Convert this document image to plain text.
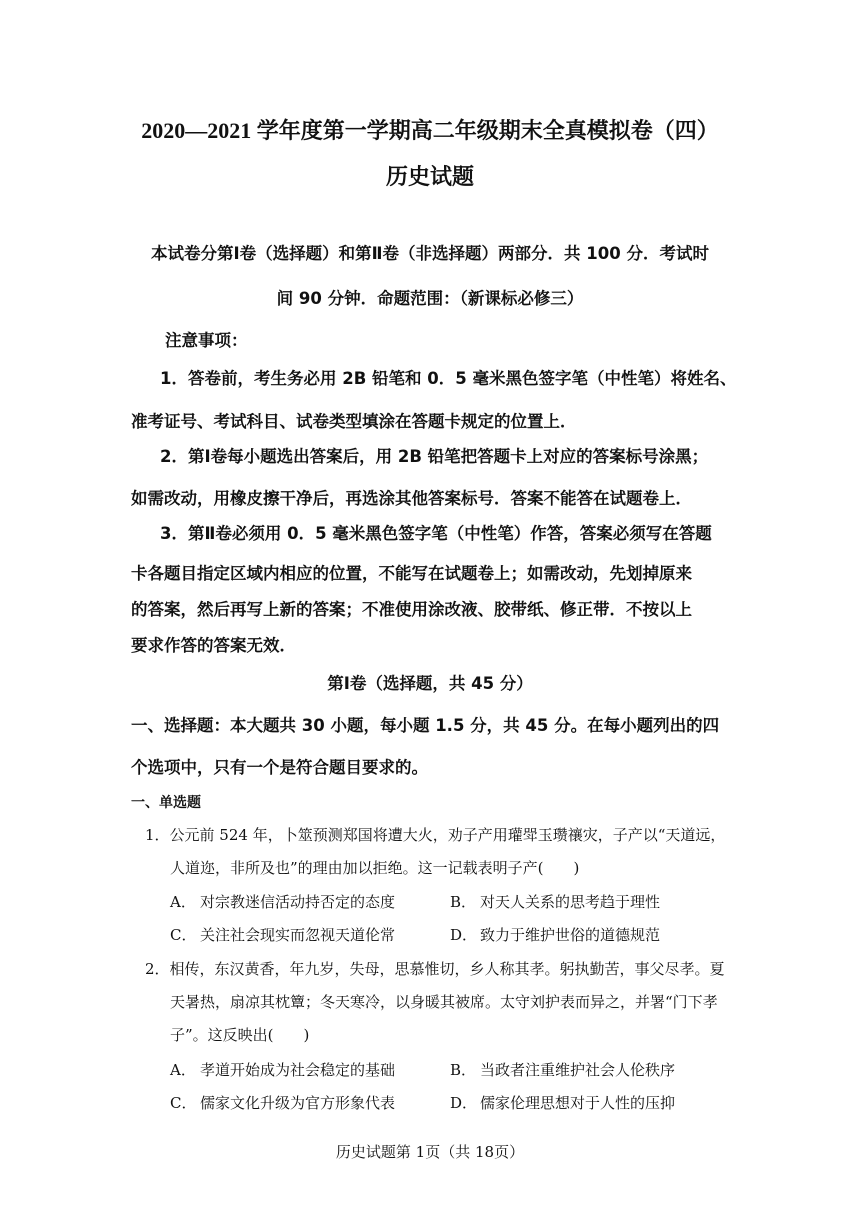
2020—2021 学年度第一学期高二年级期末全真模拟卷（四）
历史试题
本试卷分第Ⅰ卷（选择题）和第Ⅱ卷（非选择题）两部分．共 100 分．考试时
间 90 分钟．命题范围：（新课标必修三）
注意事项：
1．答卷前，考生务必用 2B 铅笔和 0．5 毫米黑色签字笔（中性笔）将姓名、
准考证号、考试科目、试卷类型填涂在答题卡规定的位置上．
2．第Ⅰ卷每小题选出答案后，用 2B 铅笔把答题卡上对应的答案标号涂黑；
如需改动，用橡皮擦干净后，再选涂其他答案标号．答案不能答在试题卷上．
3．第Ⅱ卷必须用 0．5 毫米黑色签字笔（中性笔）作答，答案必须写在答题
卡各题目指定区域内相应的位置，不能写在试题卷上；如需改动，先划掉原来
的答案，然后再写上新的答案；不准使用涂改液、胶带纸、修正带．不按以上
要求作答的答案无效．
第Ⅰ卷（选择题，共 45 分）
一、选择题：本大题共 30 小题，每小题 1.5 分，共 45 分。在每小题列出的四
个选项中，只有一个是符合题目要求的。
一、单选题
1．公元前 524 年，卜筮预测郑国将遭大火，劝子产用瓘斝玉瓒禳灾，子产以“天道远，
人道迩，非所及也”的理由加以拒绝。这一记载表明子产(　　)
A． 对宗教迷信活动持否定的态度	B． 对天人关系的思考趋于理性
C． 关注社会现实而忽视天道伦常	D． 致力于维护世俗的道德规范
2．相传，东汉黄香，年九岁，失母，思慕惟切，乡人称其孝。躬执勤苦，事父尽孝。夏
天暑热，扇凉其枕簟；冬天寒冷，以身暖其被席。太守刘护表而异之，并署“门下孝
子”。这反映出(　　)
A． 孝道开始成为社会稳定的基础	B． 当政者注重维护社会人伦秩序
C． 儒家文化升级为官方形象代表	D． 儒家伦理思想对于人性的压抑
历史试题第 1页（共 18页）
